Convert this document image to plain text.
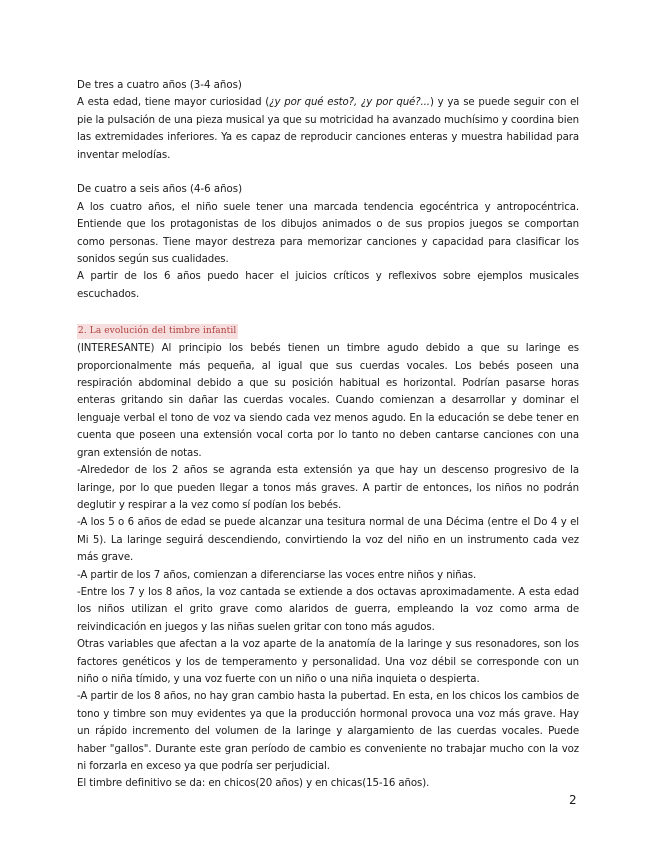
De tres a cuatro años (3-4 años)

A esta edad, tiene mayor curiosidad (¿y por qué esto?, ¿y por qué?...) y ya se puede seguir con el pie la pulsación de una pieza musical ya que su motricidad ha avanzado muchísimo y coordina bien las extremidades inferiores. Ya es capaz de reproducir canciones enteras y muestra habilidad para inventar melodías.

De cuatro a seis años (4-6 años)

A los cuatro años, el niño suele tener una marcada tendencia egocéntrica y antropocéntrica. Entiende que los protagonistas de los dibujos animados o de sus propios juegos se comportan como personas. Tiene mayor destreza para memorizar canciones y capacidad para clasificar los sonidos según sus cualidades.

A partir de los 6 años puedo hacer el juicios críticos y reflexivos sobre ejemplos musicales escuchados.

2. La evolución del timbre infantil

(INTERESANTE) Al principio los bebés tienen un timbre agudo debido a que su laringe es proporcionalmente más pequeña, al igual que sus cuerdas vocales. Los bebés poseen una respiración abdominal debido a que su posición habitual es horizontal. Podrían pasarse horas enteras gritando sin dañar las cuerdas vocales. Cuando comienzan a desarrollar y dominar el lenguaje verbal el tono de voz va siendo cada vez menos agudo. En la educación se debe tener en cuenta que poseen una extensión vocal corta por lo tanto no deben cantarse canciones con una gran extensión de notas.

-Alrededor de los 2 años se agranda esta extensión ya que hay un descenso progresivo de la laringe, por lo que pueden llegar a tonos más graves. A partir de entonces, los niños no podrán deglutir y respirar a la vez como sí podían los bebés.

-A los 5 o 6 años de edad se puede alcanzar una tesitura normal de una Décima (entre el Do 4 y el Mi 5). La laringe seguirá descendiendo, convirtiendo la voz del niño en un instrumento cada vez más grave.

-A partir de los 7 años, comienzan a diferenciarse las voces entre niños y niñas.

-Entre los 7 y los 8 años, la voz cantada se extiende a dos octavas aproximadamente. A esta edad los niños utilizan el grito grave como alaridos de guerra, empleando la voz como arma de reivindicación en juegos y las niñas suelen gritar con tono más agudos.

Otras variables que afectan a la voz aparte de la anatomía de la laringe y sus resonadores, son los factores genéticos y los de temperamento y personalidad. Una voz débil se corresponde con un niño o niña tímido, y una voz fuerte con un niño o una niña inquieta o despierta.

-A partir de los 8 años, no hay gran cambio hasta la pubertad. En esta, en los chicos los cambios de tono y timbre son muy evidentes ya que la producción hormonal provoca una voz más grave. Hay un rápido incremento del volumen de la laringe y alargamiento de las cuerdas vocales. Puede haber "gallos". Durante este gran período de cambio es conveniente no trabajar mucho con la voz ni forzarla en exceso ya que podría ser perjudicial.

El timbre definitivo se da: en chicos(20 años) y en chicas(15-16 años).

2
